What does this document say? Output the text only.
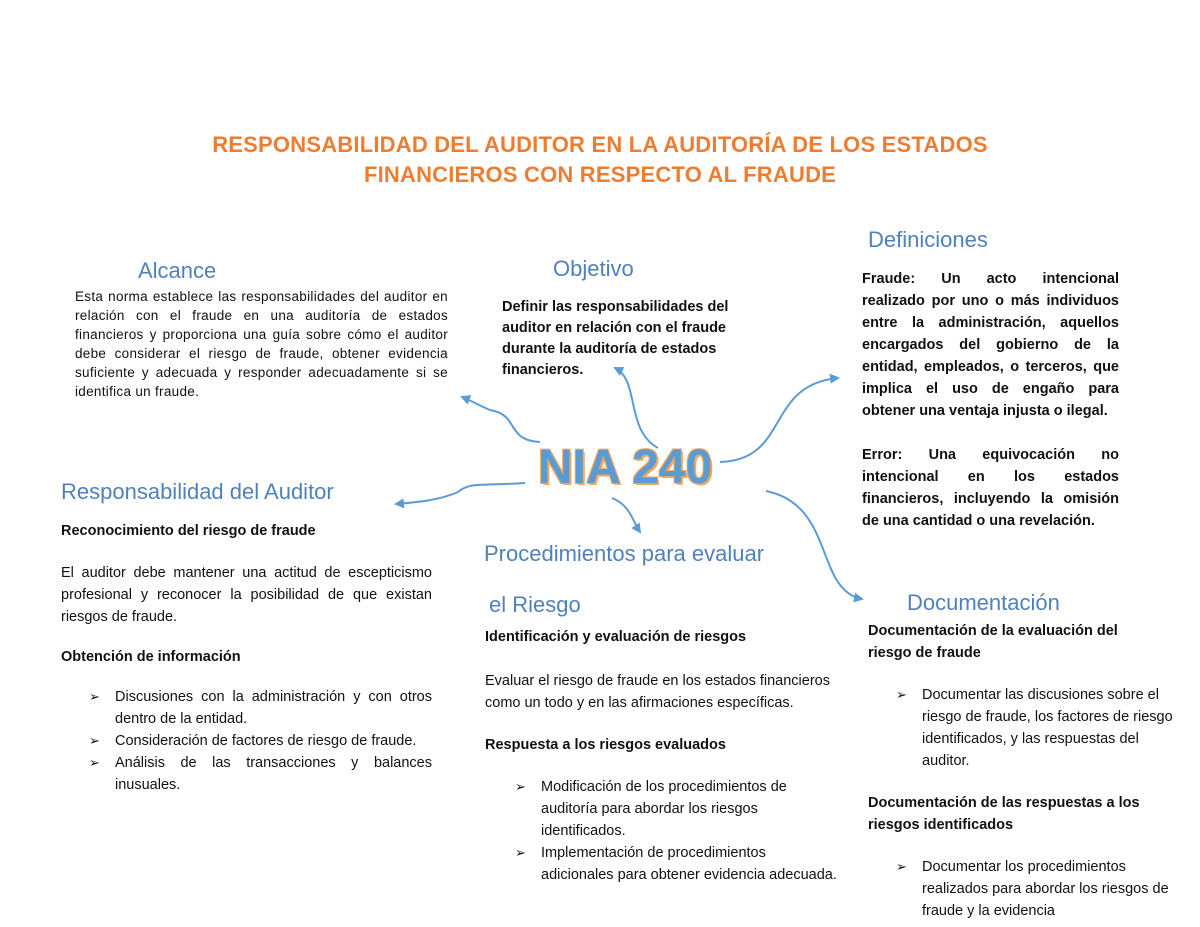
RESPONSABILIDAD DEL AUDITOR EN LA AUDITORÍA DE LOS ESTADOS
FINANCIEROS CON RESPECTO AL FRAUDE
NIA 240
Alcance
Esta norma establece las responsabilidades del auditor en relación con el fraude en una auditoría de estados financieros y proporciona una guía sobre cómo el auditor debe considerar el riesgo de fraude, obtener evidencia suficiente y adecuada y responder adecuadamente si se identifica un fraude.
Objetivo
Definir las responsabilidades del auditor en relación con el fraude durante la auditoría de estados financieros.
Definiciones

Fraude: Un acto intencional realizado por uno o más individuos entre la administración, aquellos encargados del gobierno de la entidad, empleados, o terceros, que implica el uso de engaño para obtener una ventaja injusta o ilegal.

Error: Una equivocación no intencional en los estados financieros, incluyendo la omisión de una cantidad o una revelación.

Responsabilidad del Auditor

Reconocimiento del riesgo de fraude

El auditor debe mantener una actitud de escepticismo profesional y reconocer la posibilidad de que existan riesgos de fraude.

Obtención de información

➢ Discusiones con la administración y con otros dentro de la entidad.
➢ Consideración de factores de riesgo de fraude.
➢ Análisis de las transacciones y balances inusuales.
Procedimientos para evaluar
el Riesgo

Identificación y evaluación de riesgos

Evaluar el riesgo de fraude en los estados financieros como un todo y en las afirmaciones específicas.

Respuesta a los riesgos evaluados

➢ Modificación de los procedimientos de auditoría para abordar los riesgos identificados.
➢ Implementación de procedimientos adicionales para obtener evidencia adecuada.
Documentación

Documentación de la evaluación del riesgo de fraude

➢ Documentar las discusiones sobre el riesgo de fraude, los factores de riesgo identificados, y las respuestas del auditor.

Documentación de las respuestas a los riesgos identificados

➢ Documentar los procedimientos realizados para abordar los riesgos de fraude y la evidencia
